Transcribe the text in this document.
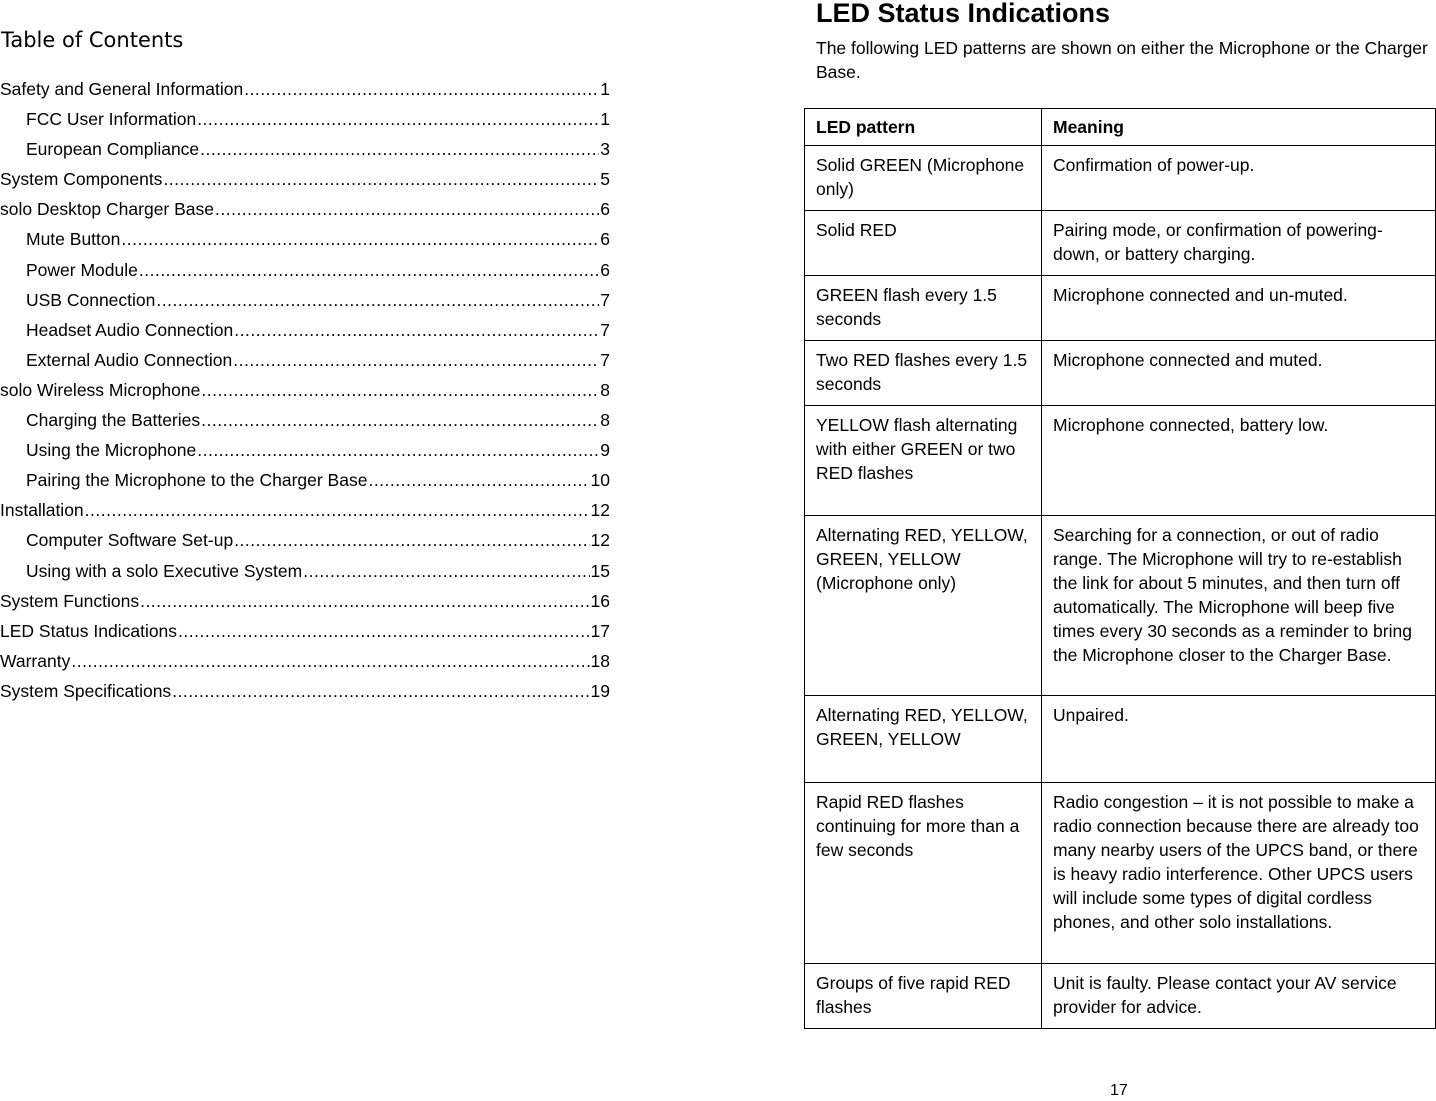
Table of Contents
Safety and General Information .....	1
FCC User Information .....	1
European Compliance .....	3
System Components .....	5
solo Desktop Charger Base .....	6
Mute Button .....	6
Power Module .....	6
USB Connection .....	7
Headset Audio Connection .....	7
External Audio Connection .....	7
solo Wireless Microphone .....	8
Charging the Batteries .....	8
Using the Microphone .....	9
Pairing the Microphone to the Charger Base .....	10
Installation .....	12
Computer Software Set-up .....	12
Using with a solo Executive System .....	15
System Functions .....	16
LED Status Indications .....	17
Warranty .....	18
System Specifications .....	19
LED Status Indications
The following LED patterns are shown on either the Microphone or the Charger Base.
LED pattern	Meaning
Solid GREEN (Microphone only)	Confirmation of power-up.
Solid RED	Pairing mode, or confirmation of powering-down, or battery charging.
GREEN flash every 1.5 seconds	Microphone connected and un-muted.
Two RED flashes every 1.5 seconds	Microphone connected and muted.
YELLOW flash alternating with either GREEN or two RED flashes	Microphone connected, battery low.
Alternating RED, YELLOW, GREEN, YELLOW (Microphone only)	Searching for a connection, or out of radio range. The Microphone will try to re-establish the link for about 5 minutes, and then turn off automatically. The Microphone will beep five times every 30 seconds as a reminder to bring the Microphone closer to the Charger Base.
Alternating RED, YELLOW, GREEN, YELLOW	Unpaired.
Rapid RED flashes continuing for more than a few seconds	Radio congestion – it is not possible to make a radio connection because there are already too many nearby users of the UPCS band, or there is heavy radio interference. Other UPCS users will include some types of digital cordless phones, and other solo installations.
Groups of five rapid RED flashes	Unit is faulty. Please contact your AV service provider for advice.
17
